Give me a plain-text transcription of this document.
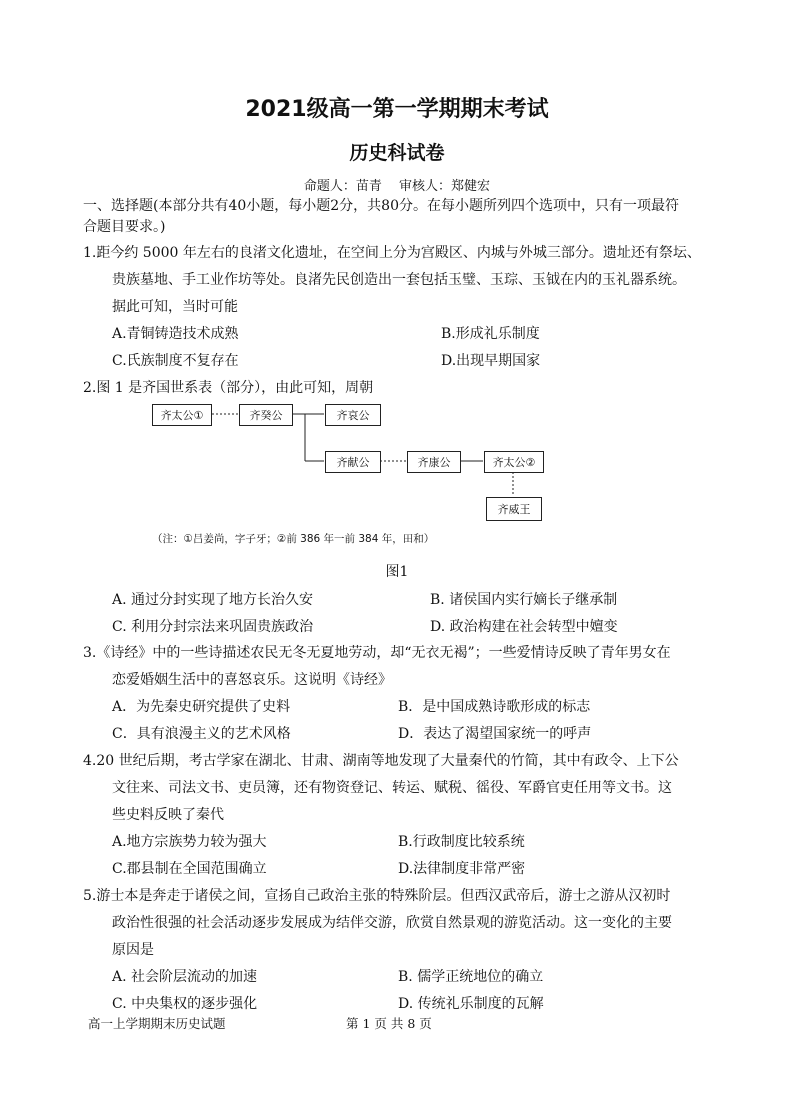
2021级高一第一学期期末考试
历史科试卷
命题人：苗青　 审核人：郑健宏
一、选择题(本部分共有40小题，每小题2分，共80分。在每小题所列四个选项中，只有一项最符
合题目要求。)
1.距今约 5000 年左右的良渚文化遗址，在空间上分为宫殿区、内城与外城三部分。遗址还有祭坛、
贵族墓地、手工业作坊等处。良渚先民创造出一套包括玉璧、玉琮、玉钺在内的玉礼器系统。
据此可知，当时可能
A.青铜铸造技术成熟	B.形成礼乐制度
C.氏族制度不复存在	D.出现早期国家
2.图 1 是齐国世系表（部分），由此可知，周朝
齐太公①	齐癸公	齐哀公
齐献公	齐康公	齐太公②
齐威王
（注：①吕姜尚，字子牙；②前 386 年一前 384 年，田和）
图1
A. 通过分封实现了地方长治久安	B. 诸侯国内实行嫡长子继承制
C. 利用分封宗法来巩固贵族政治	D. 政治构建在社会转型中嬗变
3.《诗经》中的一些诗描述农民无冬无夏地劳动，却“无衣无褐”；一些爱情诗反映了青年男女在
恋爱婚姻生活中的喜怒哀乐。这说明《诗经》
A．为先秦史研究提供了史料	B．是中国成熟诗歌形成的标志
C．具有浪漫主义的艺术风格	D．表达了渴望国家统一的呼声
4.20 世纪后期，考古学家在湖北、甘肃、湖南等地发现了大量秦代的竹简，其中有政令、上下公
文往来、司法文书、吏员簿，还有物资登记、转运、赋税、徭役、军爵官吏任用等文书。这
些史料反映了秦代
A.地方宗族势力较为强大	B.行政制度比较系统
C.郡县制在全国范围确立	D.法律制度非常严密
5.游士本是奔走于诸侯之间，宣扬自己政治主张的特殊阶层。但西汉武帝后，游士之游从汉初时
政治性很强的社会活动逐步发展成为结伴交游，欣赏自然景观的游览活动。这一变化的主要
原因是
A. 社会阶层流动的加速	B. 儒学正统地位的确立
C. 中央集权的逐步强化	D. 传统礼乐制度的瓦解
高一上学期期末历史试题	第 1 页 共 8 页
